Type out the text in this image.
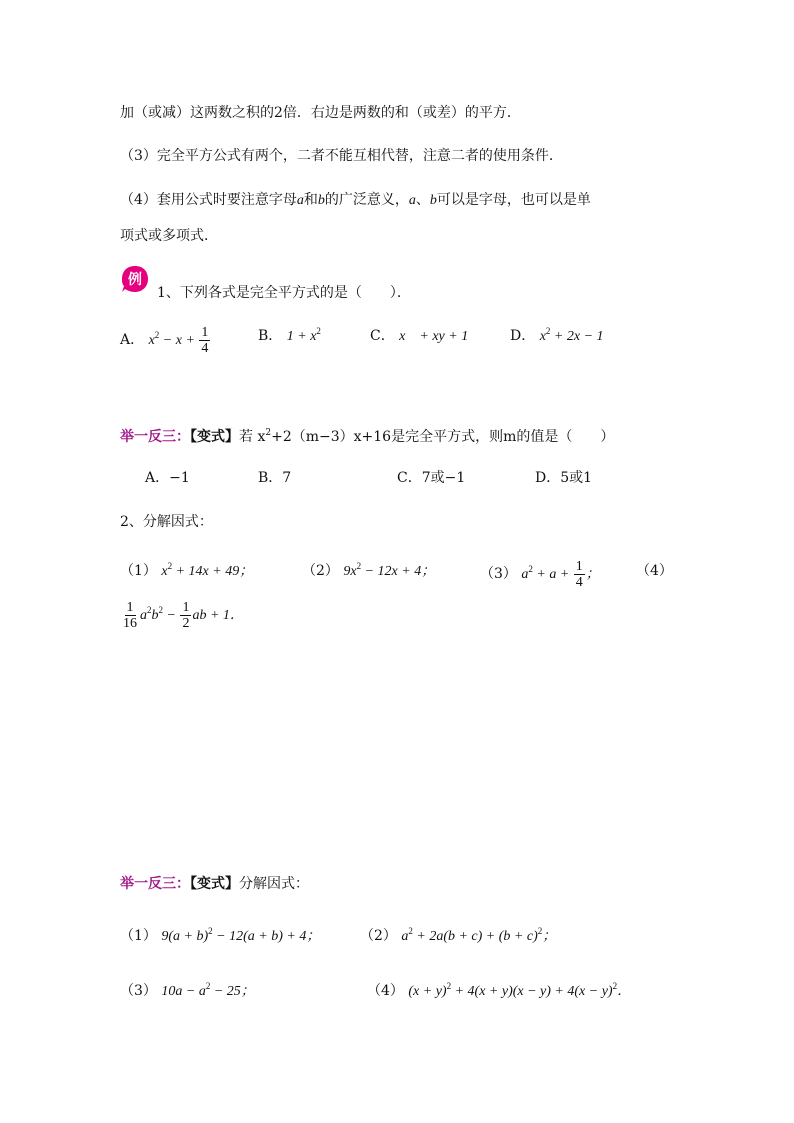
加（或减）这两数之积的2倍．右边是两数的和（或差）的平方．
（3）完全平方公式有两个，二者不能互相代替，注意二者的使用条件．
（4）套用公式时要注意字母a和b的广泛意义，a、b可以是字母，也可以是单
项式或多项式．
例
1、下列各式是完全平方式的是（　　）．
A． $x^2 - x + \frac{1}{4}$	B． $1 + x^2$	C． x　+ xy + 1	D． $x^2 + 2x - 1$
举一反三：【变式】若 $x^2+2(m-3)x+16$是完全平方式，则m的值是（　　）
A．−1	B．7	C．7或−1	D．5或1
2、分解因式：
（1） $x^2 + 14x + 49$；	（2） $9x^2 - 12x + 4$；	（3） $a^2 + a + \frac{1}{4}$ ；	（4）
$\frac{1}{16} a^2b^2 - \frac{1}{2}$ ab + 1．
举一反三：【变式】分解因式：
（1） $9(a + b)^2 - 12(a + b) + 4$；	（2） $a^2 + 2a(b + c) + (b + c)^2$；
（3） $10a - a^2 - 25$；	（4） $(x + y)^2 + 4(x + y)(x - y) + 4(x - y)^2$．
